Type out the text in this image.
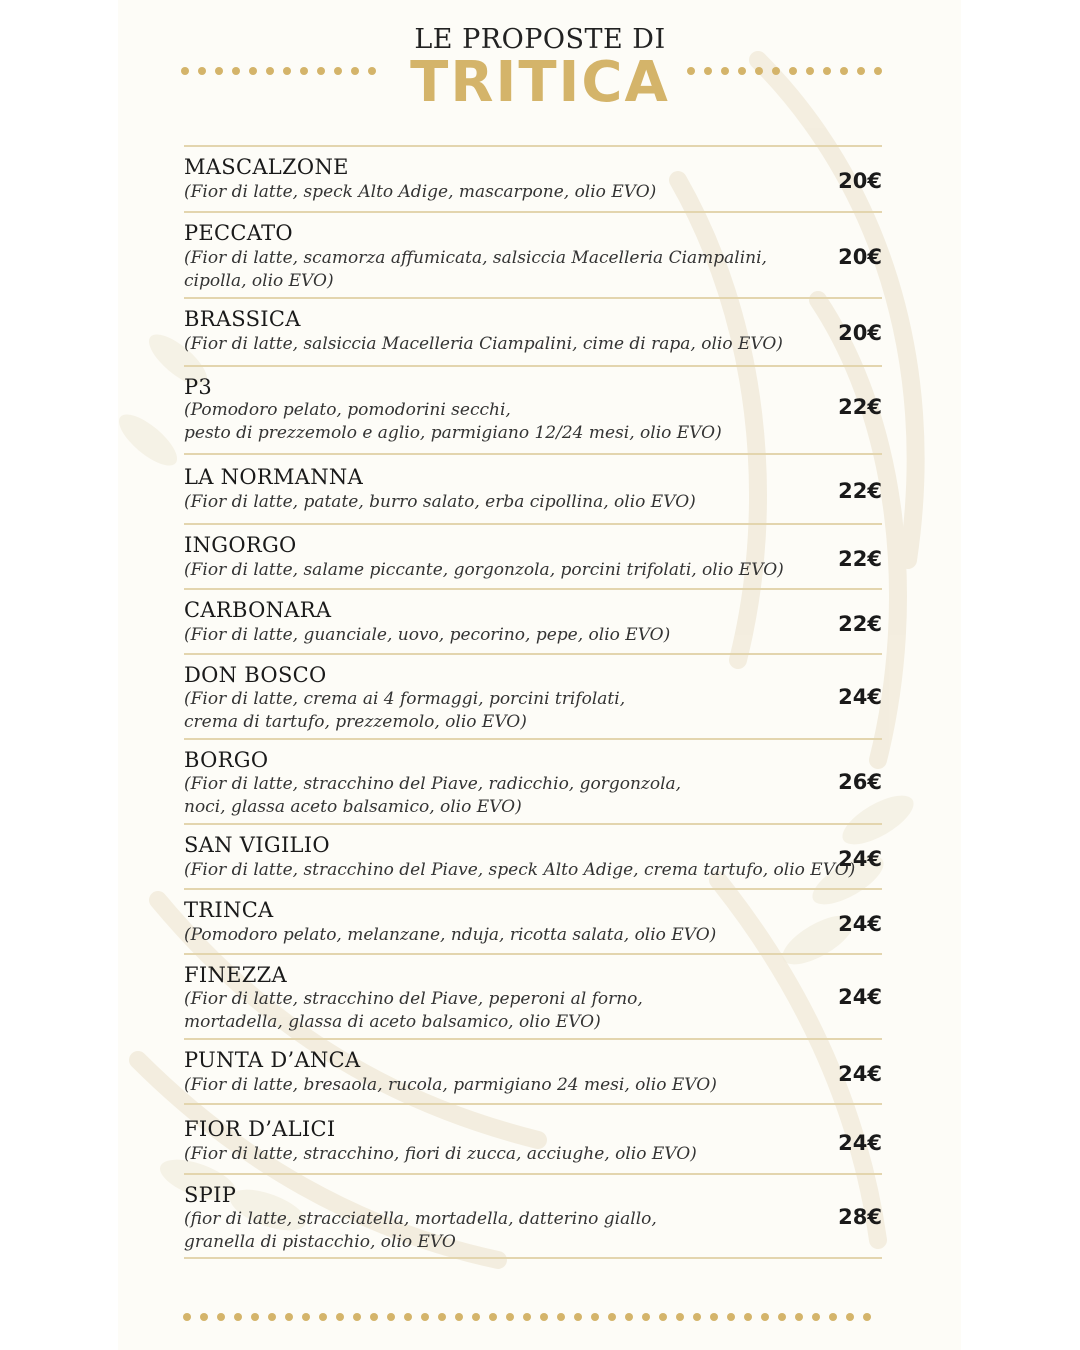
LE PROPOSTE DI
TRITICA
MASCALZONE
(Fior di latte, speck Alto Adige, mascarpone, olio EVO)	20€
PECCATO
(Fior di latte, scamorza affumicata, salsiccia Macelleria Ciampalini,
cipolla, olio EVO)
20€
BRASSICA
(Fior di latte, salsiccia Macelleria Ciampalini, cime di rapa, olio EVO)	20€
P3
(Pomodoro pelato, pomodorini secchi,
pesto di prezzemolo e aglio, parmigiano 12/24 mesi, olio EVO)
22€
LA NORMANNA
(Fior di latte, patate, burro salato, erba cipollina, olio EVO)	22€
INGORGO
(Fior di latte, salame piccante, gorgonzola, porcini trifolati, olio EVO)	22€
CARBONARA
(Fior di latte, guanciale, uovo, pecorino, pepe, olio EVO)	22€
DON BOSCO
(Fior di latte, crema ai 4 formaggi, porcini trifolati,
crema di tartufo, prezzemolo, olio EVO)
24€
BORGO
(Fior di latte, stracchino del Piave, radicchio, gorgonzola,
noci, glassa aceto balsamico, olio EVO)
26€
SAN VIGILIO
(Fior di latte, stracchino del Piave, speck Alto Adige, crema tartufo, olio EVO)
24€
TRINCA
(Pomodoro pelato, melanzane, nduja, ricotta salata, olio EVO)	24€
FINEZZA
(Fior di latte, stracchino del Piave, peperoni al forno,
mortadella, glassa di aceto balsamico, olio EVO)
24€
PUNTA D’ANCA
(Fior di latte, bresaola, rucola, parmigiano 24 mesi, olio EVO)	24€
FIOR D’ALICI
(Fior di latte, stracchino, fiori di zucca, acciughe, olio EVO)	24€
SPIP
(fior di latte, stracciatella, mortadella, datterino giallo,
granella di pistacchio, olio EVO
28€
